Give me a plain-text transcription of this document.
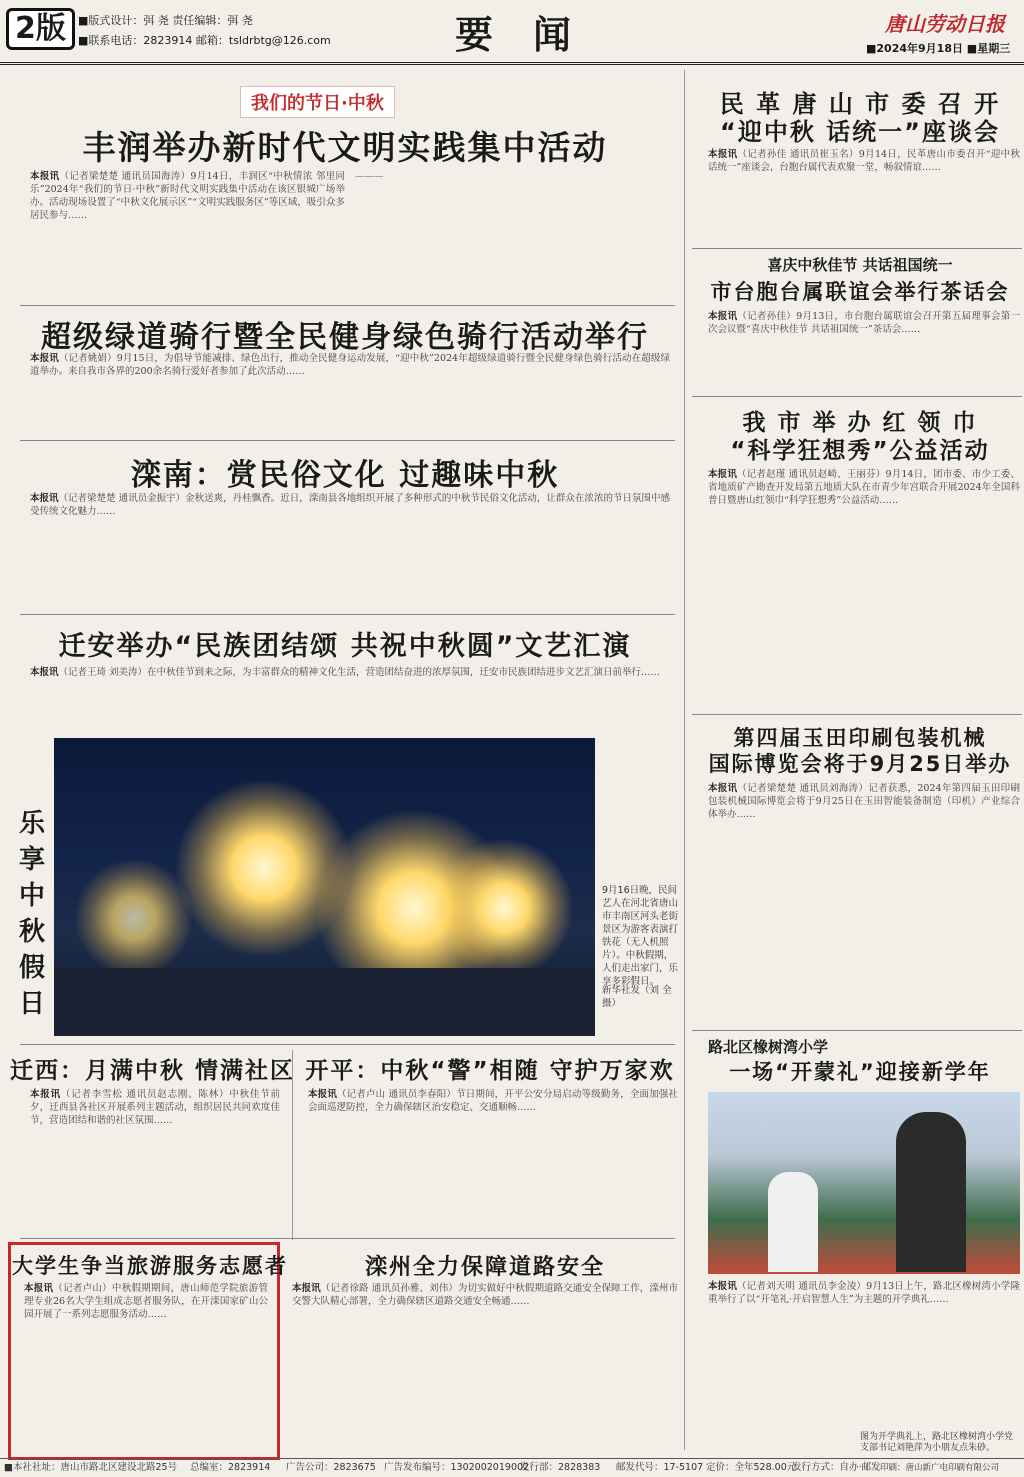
2版	■版式设计：弭 尧 责任编辑：弭 尧
■联系电话：2823914 邮箱：tsldrbtg@126.com	要闻	唐山劳动日报
■2024年9月18日 ■星期三
我们的节日·中秋
丰润举办新时代文明实践集中活动

本报讯（记者梁楚楚 通讯员国海涛）9月14日，丰润区“中秋情浓 邻里同乐”2024年“我们的节日·中秋”新时代文明实践集中活动在该区银城广场举办。活动现场设置了“中秋文化展示区”“文明实践服务区”等区域，吸引众多居民参与……

———

超级绿道骑行暨全民健身绿色骑行活动举行

本报讯（记者姚娟）9月15日，为倡导节能减排、绿色出行，推动全民健身运动发展，“迎中秋”2024年超级绿道骑行暨全民健身绿色骑行活动在超级绿道举办。来自我市各界的200余名骑行爱好者参加了此次活动……

滦南：赏民俗文化 过趣味中秋

本报讯（记者梁楚楚 通讯员金振宇）金秋送爽，丹桂飘香。近日，滦南县各地组织开展了多种形式的中秋节民俗文化活动，让群众在浓浓的节日氛围中感受传统文化魅力……

迁安举办“民族团结颂 共祝中秋圆”文艺汇演

本报讯（记者王琦 刘美涛）在中秋佳节到来之际，为丰富群众的精神文化生活，营造团结奋进的浓厚氛围，迁安市民族团结进步文艺汇演日前举行……

乐享中秋假日
9月16日晚，民间艺人在河北省唐山市丰南区河头老街景区为游客表演打铁花（无人机照片）。中秋假期，人们走出家门，乐享多彩假日。
新华社发（刘 全 摄）
迁西：月满中秋 情满社区

本报讯（记者李雪松 通讯员赵志刚、陈林）中秋佳节前夕，迁西县各社区开展系列主题活动，组织居民共同欢度佳节，营造团结和谐的社区氛围……

开平：中秋“警”相随 守护万家欢

本报讯（记者卢山 通讯员李春阳）节日期间，开平公安分局启动等级勤务，全面加强社会面巡逻防控，全力确保辖区治安稳定、交通顺畅……

大学生争当旅游服务志愿者

本报讯（记者卢山）中秋假期期间，唐山师范学院旅游管理专业26名大学生组成志愿者服务队，在开滦国家矿山公园开展了一系列志愿服务活动……

滦州全力保障道路安全

本报讯（记者徐路 通讯员孙雅、刘伟）为切实做好中秋假期道路交通安全保障工作，滦州市交警大队精心部署，全力确保辖区道路交通安全畅通……

民 革 唐 山 市 委 召 开
“迎中秋 话统一”座谈会

本报讯（记者孙佳 通讯员崔玉名）9月14日，民革唐山市委召开“迎中秋 话统一”座谈会，台胞台属代表欢聚一堂，畅叙情谊……

喜庆中秋佳节 共话祖国统一
市台胞台属联谊会举行茶话会

本报讯（记者孙佳）9月13日，市台胞台属联谊会召开第五届理事会第一次会议暨“喜庆中秋佳节 共话祖国统一”茶话会……

我 市 举 办 红 领 巾
“科学狂想秀”公益活动

本报讯（记者赵瑾 通讯员赵崎、王丽芬）9月14日，团市委、市少工委、省地质矿产勘查开发局第五地质大队在市青少年宫联合开展2024年全国科普日暨唐山红领巾“科学狂想秀”公益活动……

第四届玉田印刷包装机械
国际博览会将于9月25日举办

本报讯（记者梁楚楚 通讯员刘海涛）记者获悉，2024年第四届玉田印刷包装机械国际博览会将于9月25日在玉田智能装备制造（印机）产业综合体举办……

路北区橡树湾小学
一场“开蒙礼”迎接新学年

本报讯（记者刘天明 通讯员李金凌）9月13日上午，路北区橡树湾小学隆重举行了以“开笔礼·开启智慧人生”为主题的开学典礼……

图为开学典礼上，路北区橡树湾小学党支部书记刘艳萍为小朋友点朱砂。
■本社社址：唐山市路北区建设北路25号 总编室：2823914 广告公司：2823675 广告发布编号：1302002019002
发行部：2828383 邮发代号：17-5107 定价：全年528.00元
发行方式：自办·邮发 印刷：唐山新广电印刷有限公司
